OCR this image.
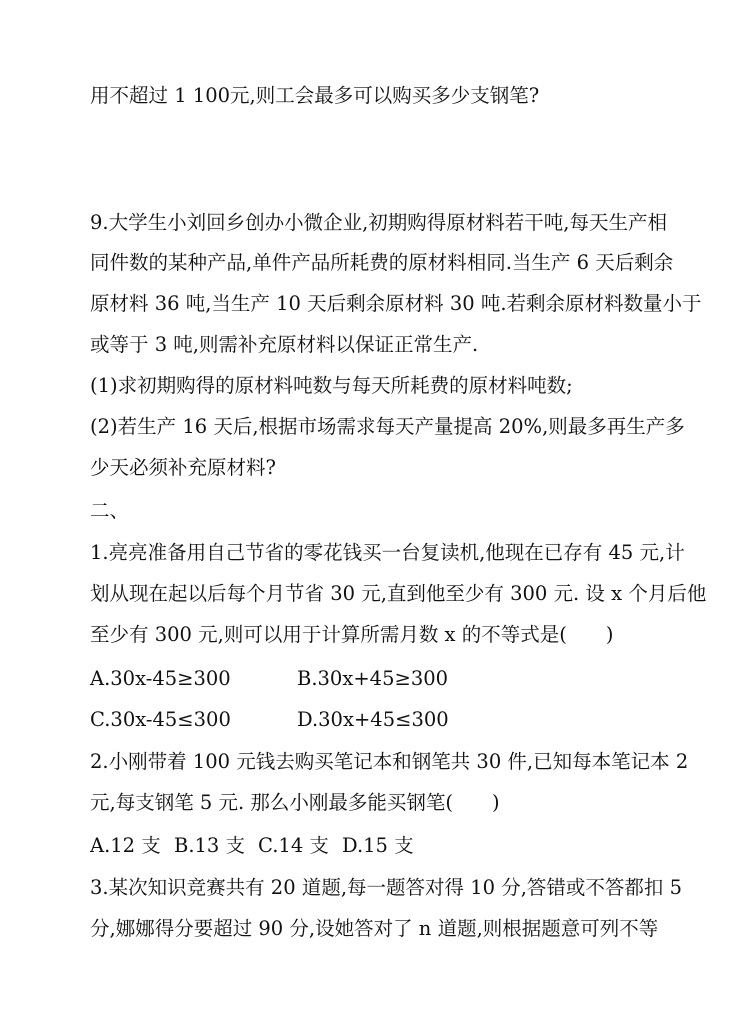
用不超过 1 100元,则工会最多可以购买多少支钢笔?
9.大学生小刘回乡创办小微企业,初期购得原材料若干吨,每天生产相
同件数的某种产品,单件产品所耗费的原材料相同.当生产 6 天后剩余
原材料 36 吨,当生产 10 天后剩余原材料 30 吨.若剩余原材料数量小于
或等于 3 吨,则需补充原材料以保证正常生产.
(1)求初期购得的原材料吨数与每天所耗费的原材料吨数;
(2)若生产 16 天后,根据市场需求每天产量提高 20%,则最多再生产多
少天必须补充原材料?
二、
1.亮亮准备用自己节省的零花钱买一台复读机,他现在已存有 45 元,计
划从现在起以后每个月节省 30 元,直到他至少有 300 元. 设 x 个月后他
至少有 300 元,则可以用于计算所需月数 x 的不等式是(　　)
A.30x-45≥300	B.30x+45≥300
C.30x-45≤300	D.30x+45≤300
2.小刚带着 100 元钱去购买笔记本和钢笔共 30 件,已知每本笔记本 2
元,每支钢笔 5 元. 那么小刚最多能买钢笔(　　)
A.12 支 B.13 支 C.14 支 D.15 支
3.某次知识竞赛共有 20 道题,每一题答对得 10 分,答错或不答都扣 5
分,娜娜得分要超过 90 分,设她答对了 n 道题,则根据题意可列不等
